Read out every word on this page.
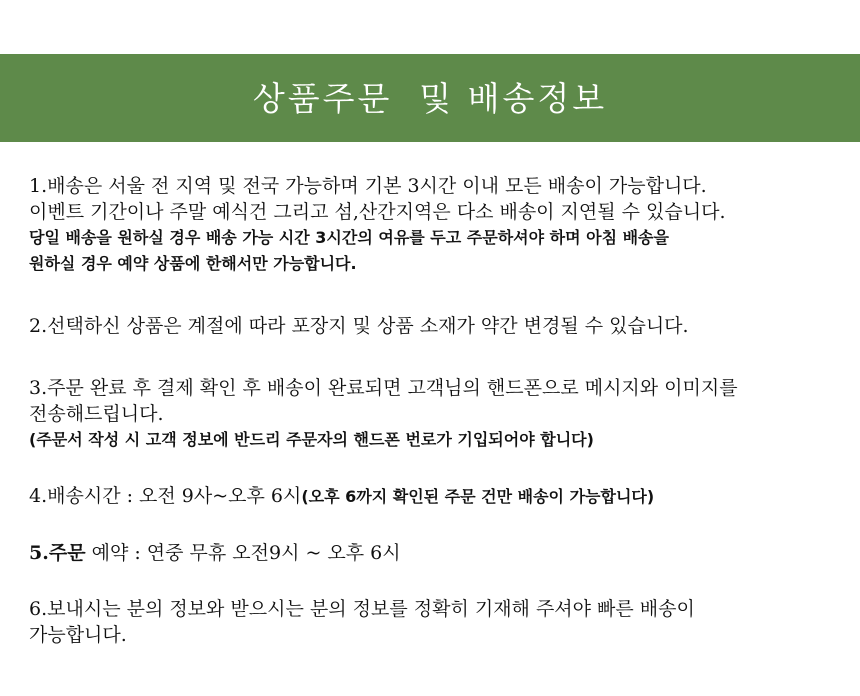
상품주문  및 배송정보
1.배송은 서울 전 지역 및 전국 가능하며 기본 3시간 이내 모든 배송이 가능합니다.
이벤트 기간이나 주말 예식건 그리고 섬,산간지역은 다소 배송이 지연될 수 있습니다.
당일 배송을 원하실 경우 배송 가능 시간 3시간의 여유를 두고 주문하셔야 하며 아침 배송을
원하실 경우 예약 상품에 한해서만 가능합니다.
2.선택하신 상품은 계절에 따라 포장지 및 상품 소재가 약간 변경될 수 있습니다.
3.주문 완료 후 결제 확인 후 배송이 완료되면 고객님의 핸드폰으로 메시지와 이미지를
전송해드립니다.
(주문서 작성 시 고객 정보에 반드리 주문자의 핸드폰 번로가 기입되어야 합니다)
4.배송시간 : 오전 9사~오후 6시(오후 6까지 확인된 주문 건만 배송이 가능합니다)
5.주문 예약 : 연중 무휴 오전9시 ~ 오후 6시
6.보내시는 분의 정보와 받으시는 분의 정보를 정확히 기재해 주셔야 빠른 배송이
가능합니다.
